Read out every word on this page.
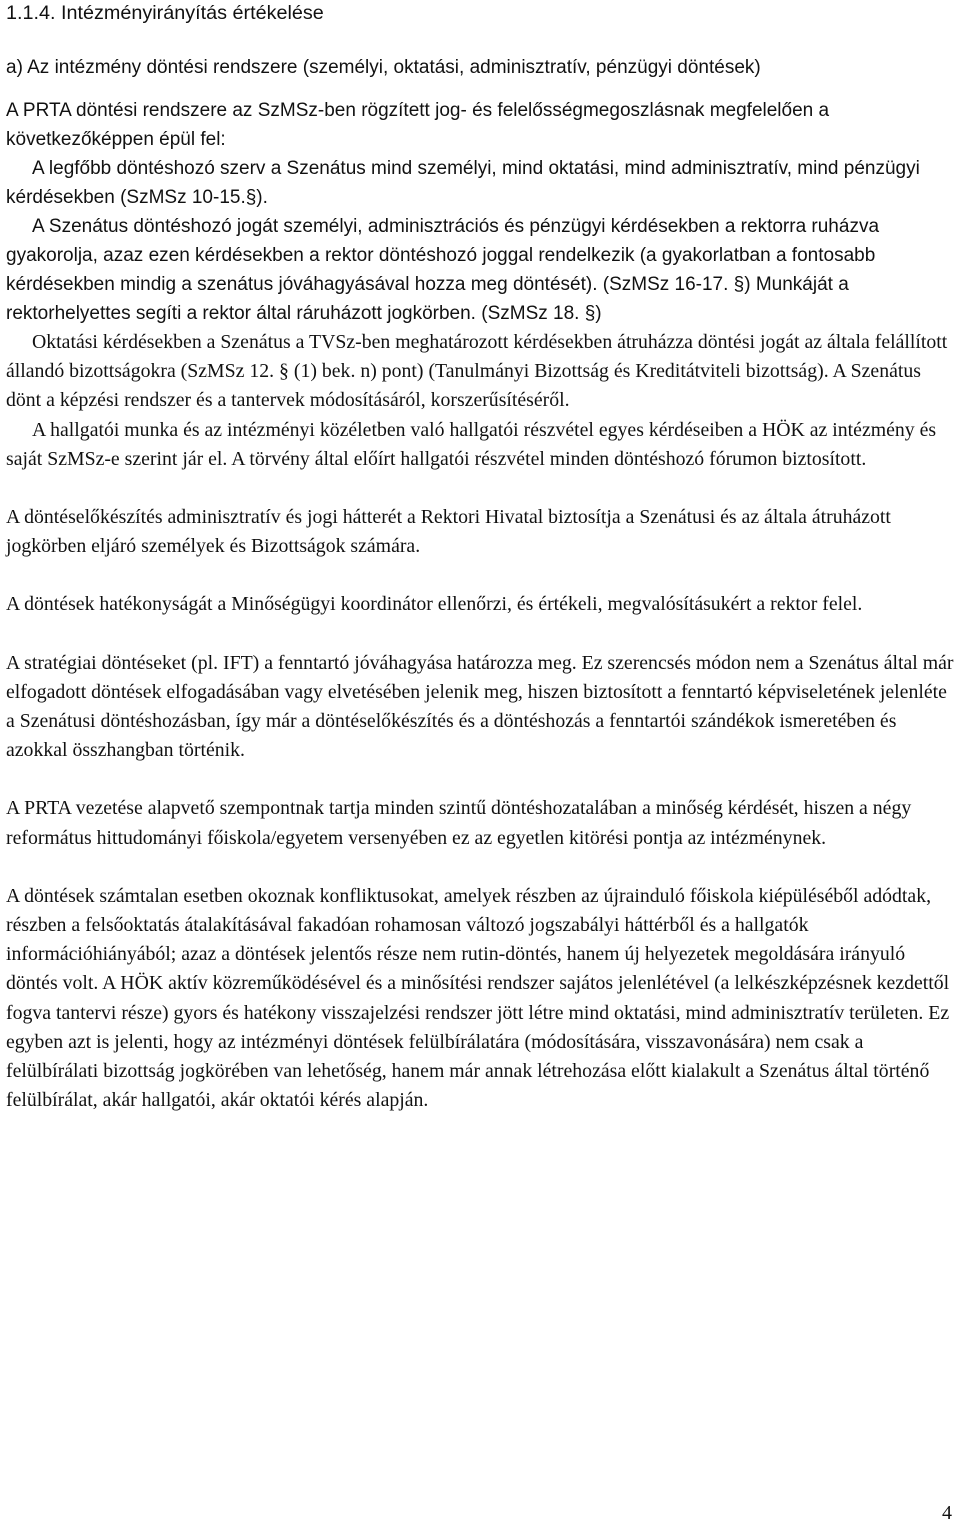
1.1.4. Intézményirányítás értékelése

a) Az intézmény döntési rendszere (személyi, oktatási, adminisztratív, pénzügyi döntések)

A PRTA döntési rendszere az SzMSz-ben rögzített jog- és felelősségmegoszlásnak megfelelően a következőképpen épül fel:

A legfőbb döntéshozó szerv a Szenátus mind személyi, mind oktatási, mind adminisztratív, mind pénzügyi kérdésekben (SzMSz 10-15.§).

A Szenátus döntéshozó jogát személyi, adminisztrációs és pénzügyi kérdésekben a rektorra ruházva gyakorolja, azaz ezen kérdésekben a rektor döntéshozó joggal rendelkezik (a gyakorlatban a fontosabb kérdésekben mindig a szenátus jóváhagyásával hozza meg döntését). (SzMSz 16-17. §) Munkáját a rektorhelyettes segíti a rektor által ráruházott jogkörben. (SzMSz 18. §)

Oktatási kérdésekben a Szenátus a TVSz-ben meghatározott kérdésekben átruházza döntési jogát az általa felállított állandó bizottságokra (SzMSz 12. § (1) bek. n) pont) (Tanulmányi Bizottság és Kreditátviteli bizottság). A Szenátus dönt a képzési rendszer és a tantervek módosításáról, korszerűsítéséről.

A hallgatói munka és az intézményi közéletben való hallgatói részvétel egyes kérdéseiben a HÖK az intézmény és saját SzMSz-e szerint jár el. A törvény által előírt hallgatói részvétel minden döntéshozó fórumon biztosított.

A döntéselőkészítés adminisztratív és jogi hátterét a Rektori Hivatal biztosítja a Szenátusi és az általa átruházott jogkörben eljáró személyek és Bizottságok számára.

A döntések hatékonyságát a Minőségügyi koordinátor ellenőrzi, és értékeli, megvalósításukért a rektor felel.

A stratégiai döntéseket (pl. IFT) a fenntartó jóváhagyása határozza meg. Ez szerencsés módon nem a Szenátus által már elfogadott döntések elfogadásában vagy elvetésében jelenik meg, hiszen biztosított a fenntartó képviseletének jelenléte a Szenátusi döntéshozásban, így már a döntéselőkészítés és a döntéshozás a fenntartói szándékok ismeretében és azokkal összhangban történik.

A PRTA vezetése alapvető szempontnak tartja minden szintű döntéshozatalában a minőség kérdését, hiszen a négy református hittudományi főiskola/egyetem versenyében ez az egyetlen kitörési pontja az intézménynek.

A döntések számtalan esetben okoznak konfliktusokat, amelyek részben az újrainduló főiskola kiépüléséből adódtak, részben a felsőoktatás átalakításával fakadóan rohamosan változó jogszabályi háttérből és a hallgatók információhiányából; azaz a döntések jelentős része nem rutin-döntés, hanem új helyezetek megoldására irányuló döntés volt. A HÖK aktív közreműködésével és a minősítési rendszer sajátos jelenlétével (a lelkészképzésnek kezdettől fogva tantervi része) gyors és hatékony visszajelzési rendszer jött létre mind oktatási, mind adminisztratív területen. Ez egyben azt is jelenti, hogy az intézményi döntések felülbírálatára (módosítására, visszavonására) nem csak a felülbírálati bizottság jogkörében van lehetőség, hanem már annak létrehozása előtt kialakult a Szenátus által történő felülbírálat, akár hallgatói, akár oktatói kérés alapján.

4
